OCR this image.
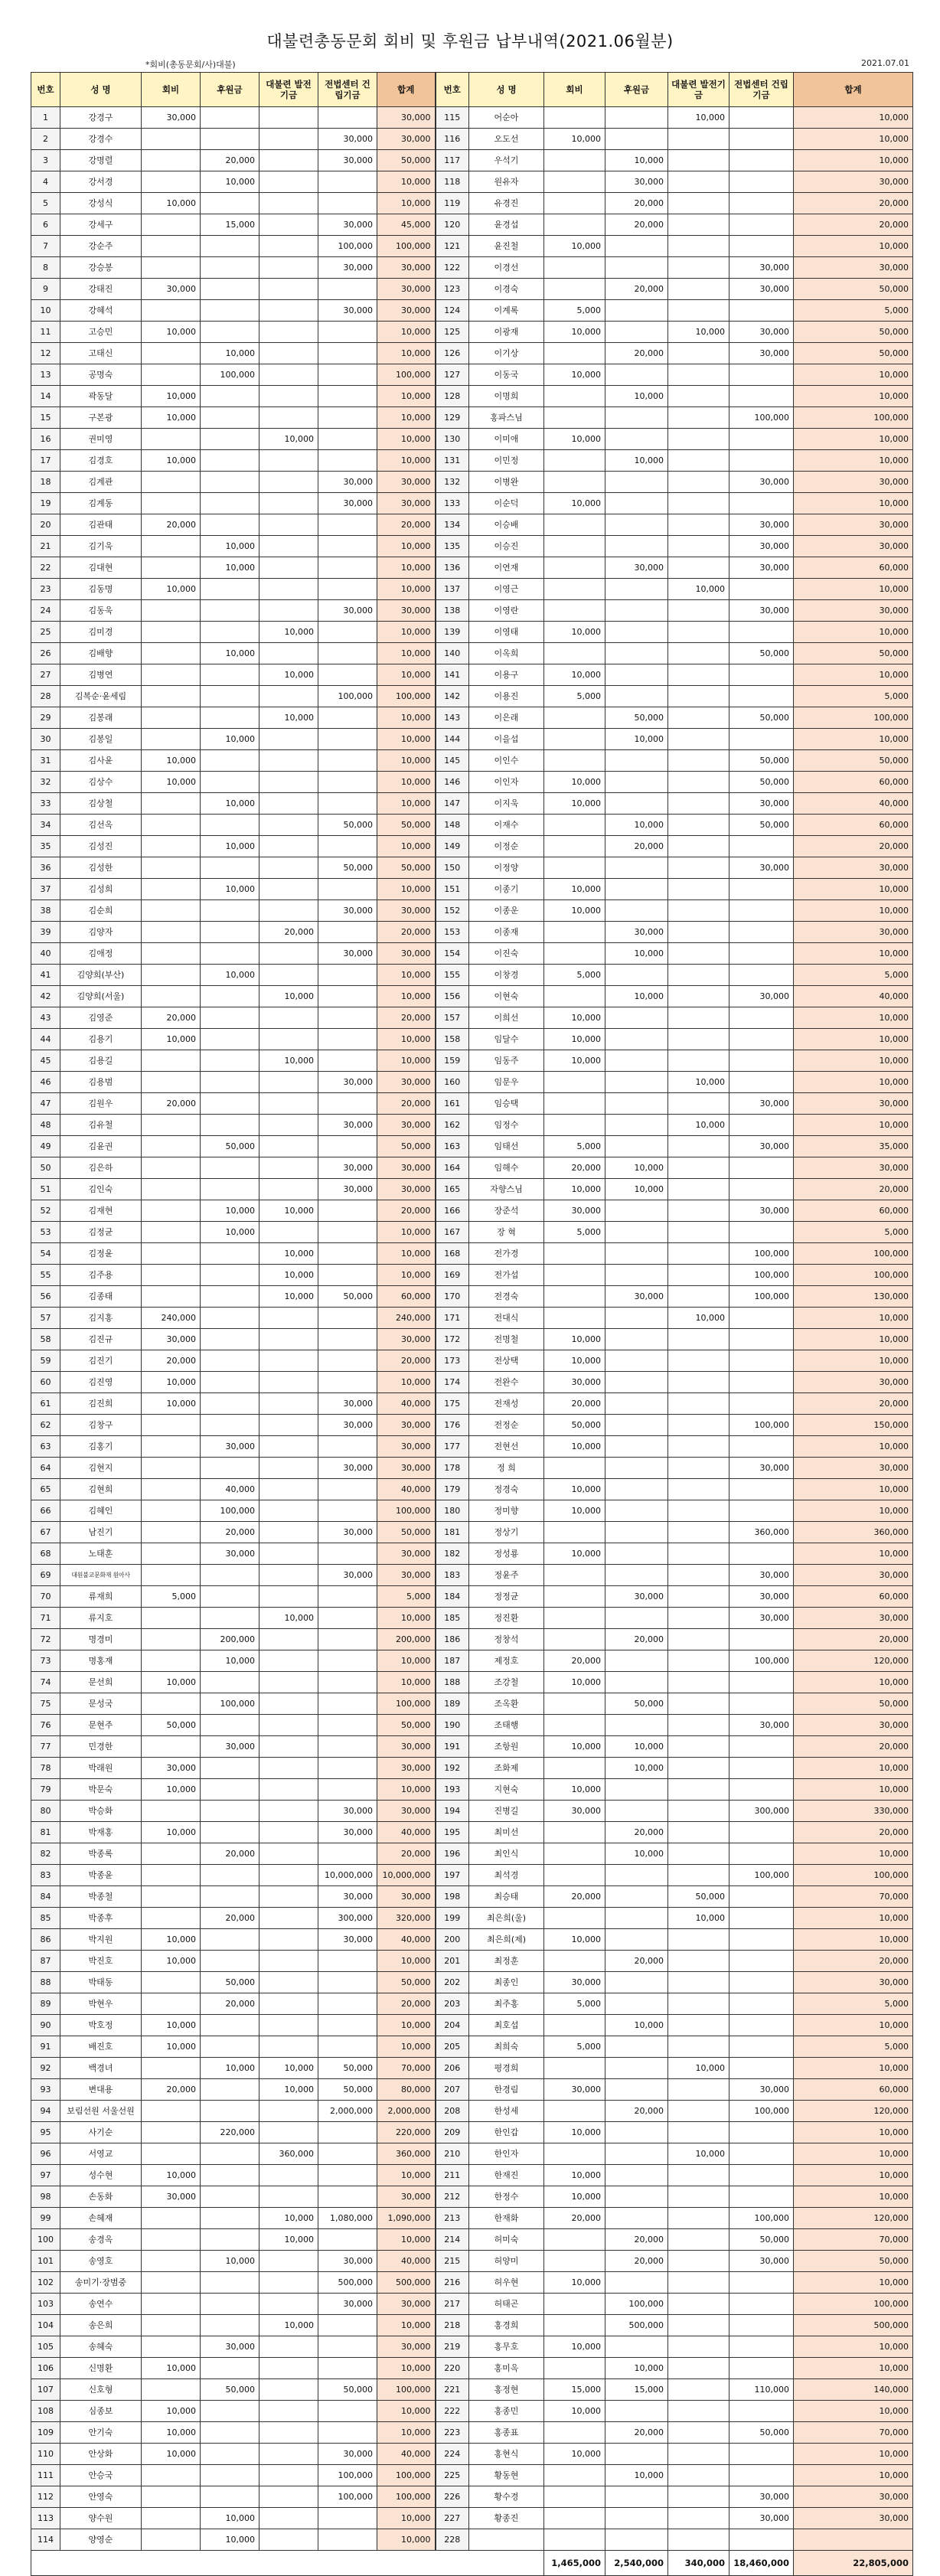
대불련총동문회 회비 및 후원금 납부내역(2021.06월분)
*회비(총동문회/사)대불)	2021.07.01
번호	성 명	회비	후원금	대불련 발전기금	전법센터 건립기금	합계	번호	성 명	회비	후원금	대불련 발전기금	전법센터 건립기금	합계
1	강경구	30,000				30,000	115	어순아			10,000		10,000
2	강경수				30,000	30,000	116	오도선	10,000				10,000
3	강명렬		20,000		30,000	50,000	117	우석기		10,000			10,000
4	강서경		10,000			10,000	118	원유자		30,000			30,000
5	강성식	10,000				10,000	119	유경진		20,000			20,000
6	강세구		15,000		30,000	45,000	120	윤경섭		20,000			20,000
7	강순주				100,000	100,000	121	윤진철	10,000				10,000
8	강승봉				30,000	30,000	122	이경선				30,000	30,000
9	강태진	30,000				30,000	123	이경숙		20,000		30,000	50,000
10	강혜석				30,000	30,000	124	이계록	5,000				5,000
11	고승민	10,000				10,000	125	이광재	10,000		10,000	30,000	50,000
12	고태신		10,000			10,000	126	이기상		20,000		30,000	50,000
13	공명숙		100,000			100,000	127	이동국	10,000				10,000
14	곽동달	10,000				10,000	128	이명희		10,000			10,000
15	구본광	10,000				10,000	129	홍파스님				100,000	100,000
16	권미영			10,000		10,000	130	이미애	10,000				10,000
17	김경호	10,000				10,000	131	이민정		10,000			10,000
18	김계관				30,000	30,000	132	이병완				30,000	30,000
19	김계동				30,000	30,000	133	이순덕	10,000				10,000
20	김관태	20,000				20,000	134	이승배				30,000	30,000
21	김기욱		10,000			10,000	135	이승진				30,000	30,000
22	김대현		10,000			10,000	136	이연재		30,000		30,000	60,000
23	김동명	10,000				10,000	137	이영근			10,000		10,000
24	김동욱				30,000	30,000	138	이영란				30,000	30,000
25	김미경			10,000		10,000	139	이영태	10,000				10,000
26	김배향		10,000			10,000	140	이옥희				50,000	50,000
27	김병연			10,000		10,000	141	이용구	10,000				10,000
28	김복순·윤세림				100,000	100,000	142	이용진	5,000				5,000
29	김봉래			10,000		10,000	143	이은래		50,000		50,000	100,000
30	김봉일		10,000			10,000	144	이을섭		10,000			10,000
31	김사윤	10,000				10,000	145	이인수				50,000	50,000
32	김상수	10,000				10,000	146	이인자	10,000			50,000	60,000
33	김상철		10,000			10,000	147	이지욱	10,000			30,000	40,000
34	김선옥				50,000	50,000	148	이재수		10,000		50,000	60,000
35	김성진		10,000			10,000	149	이정순		20,000			20,000
36	김성한				50,000	50,000	150	이정양				30,000	30,000
37	김성희		10,000			10,000	151	이종기	10,000				10,000
38	김순희				30,000	30,000	152	이종운	10,000				10,000
39	김양자			20,000		20,000	153	이종재		30,000			30,000
40	김애정				30,000	30,000	154	이진숙		10,000			10,000
41	김양희(부산)		10,000			10,000	155	이창경	5,000				5,000
42	김양희(서울)			10,000		10,000	156	이현숙		10,000		30,000	40,000
43	김영준	20,000				20,000	157	이희선	10,000				10,000
44	김용기	10,000				10,000	158	임달수	10,000				10,000
45	김용길			10,000		10,000	159	임동주	10,000				10,000
46	김용범				30,000	30,000	160	임문우			10,000		10,000
47	김원우	20,000				20,000	161	임승택				30,000	30,000
48	김유철				30,000	30,000	162	임정수			10,000		10,000
49	김윤권		50,000			50,000	163	임태선	5,000			30,000	35,000
50	김은하				30,000	30,000	164	임해수	20,000	10,000			30,000
51	김인숙				30,000	30,000	165	자향스님	10,000	10,000			20,000
52	김재현		10,000	10,000		20,000	166	장준석	30,000			30,000	60,000
53	김정균		10,000			10,000	167	장 혁	5,000				5,000
54	김정윤			10,000		10,000	168	전가경				100,000	100,000
55	김주용			10,000		10,000	169	전가섭				100,000	100,000
56	김종태			10,000	50,000	60,000	170	전경숙		30,000		100,000	130,000
57	김지홍	240,000				240,000	171	전대식			10,000		10,000
58	김진규	30,000				30,000	172	전명철	10,000				10,000
59	김진기	20,000				20,000	173	전상택	10,000				10,000
60	김진영	10,000				10,000	174	전완수	30,000				30,000
61	김진희	10,000			30,000	40,000	175	전재성	20,000				20,000
62	김창구				30,000	30,000	176	전정순	50,000			100,000	150,000
63	김홍기		30,000			30,000	177	전현선	10,000				10,000
64	김현지				30,000	30,000	178	정 희				30,000	30,000
65	김현희		40,000			40,000	179	정경숙	10,000				10,000
66	김혜인		100,000			100,000	180	정미향	10,000				10,000
67	남진기		20,000		30,000	50,000	181	정상기				360,000	360,000
68	노태훈		30,000			30,000	182	정성룡	10,000				10,000
69	대원불교문화재 원아사				30,000	30,000	183	정윤주				30,000	30,000
70	류재희	5,000				5,000	184	정정균		30,000		30,000	60,000
71	류지호			10,000		10,000	185	정진환				30,000	30,000
72	명경미		200,000			200,000	186	정창석		20,000			20,000
73	명홍재		10,000			10,000	187	제정호	20,000			100,000	120,000
74	문선희	10,000				10,000	188	조강철	10,000				10,000
75	문성국		100,000			100,000	189	조옥환		50,000			50,000
76	문현주	50,000				50,000	190	조태행				30,000	30,000
77	민경한		30,000			30,000	191	조항원	10,000	10,000			20,000
78	박래원	30,000				30,000	192	조화제		10,000			10,000
79	박문숙	10,000				10,000	193	지현숙	10,000				10,000
80	박승화				30,000	30,000	194	진병길	30,000			300,000	330,000
81	박재홍	10,000			30,000	40,000	195	최미선		20,000			20,000
82	박종록		20,000			20,000	196	최인식		10,000			10,000
83	박종윤				10,000,000	10,000,000	197	최석경				100,000	100,000
84	박종철				30,000	30,000	198	최승태	20,000		50,000		70,000
85	박종후		20,000		300,000	320,000	199	최은희(울)			10,000		10,000
86	박지원	10,000			30,000	40,000	200	최은희(제)	10,000				10,000
87	박진호	10,000				10,000	201	최정훈		20,000			20,000
88	박태동		50,000			50,000	202	최종인	30,000				30,000
89	박현우		20,000			20,000	203	최주홍	5,000				5,000
90	박호정	10,000				10,000	204	최호섭		10,000			10,000
91	배진호	10,000				10,000	205	최희숙	5,000				5,000
92	백경녀		10,000	10,000	50,000	70,000	206	평경희			10,000		10,000
93	변대용	20,000		10,000	50,000	80,000	207	한경림	30,000			30,000	60,000
94	보림선원 서울선원				2,000,000	2,000,000	208	한성세		20,000		100,000	120,000
95	사기순		220,000			220,000	209	한인갑	10,000				10,000
96	서영교			360,000		360,000	210	한인자			10,000		10,000
97	성수현	10,000				10,000	211	한재진	10,000				10,000
98	손동화	30,000				30,000	212	한정수	10,000				10,000
99	손혜재			10,000	1,080,000	1,090,000	213	한재화	20,000			100,000	120,000
100	송경옥			10,000		10,000	214	허미숙		20,000		50,000	70,000
101	송영호		10,000		30,000	40,000	215	허양미		20,000		30,000	50,000
102	송미기·장범중				500,000	500,000	216	허우현	10,000				10,000
103	송연수				30,000	30,000	217	허태곤		100,000			100,000
104	송은희			10,000		10,000	218	홍경희		500,000			500,000
105	송혜숙		30,000			30,000	219	홍무호	10,000				10,000
106	신명환	10,000				10,000	220	홍미옥		10,000			10,000
107	신호형		50,000		50,000	100,000	221	홍정현	15,000	15,000		110,000	140,000
108	심종보	10,000				10,000	222	홍종민	10,000				10,000
109	안기숙	10,000				10,000	223	홍종표		20,000		50,000	70,000
110	안상화	10,000			30,000	40,000	224	홍현식	10,000				10,000
111	안승국				100,000	100,000	225	황동현		10,000			10,000
112	안영숙				100,000	100,000	226	황수경				30,000	30,000
113	양수원		10,000			10,000	227	황종진				30,000	30,000
114	양영순		10,000			10,000	228						
									1,465,000	2,540,000	340,000	18,460,000	22,805,000
